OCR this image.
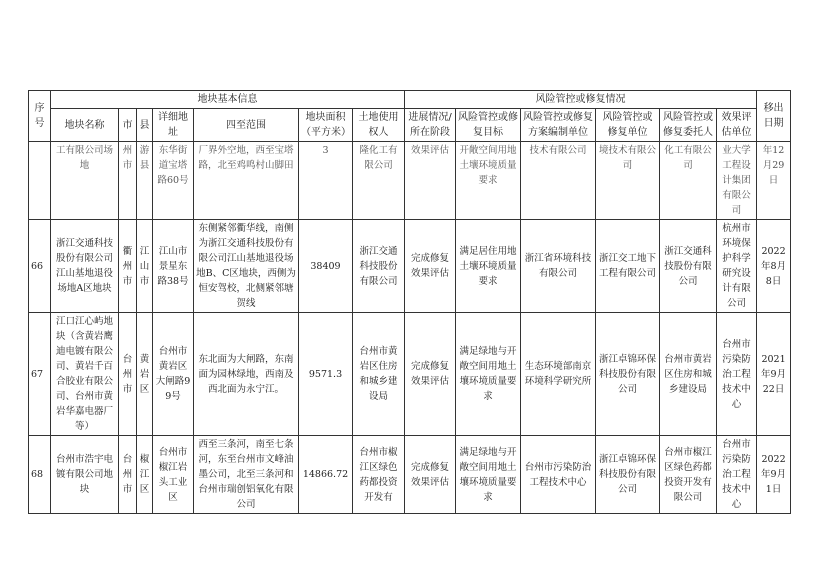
序号	地块基本信息							风险管控或修复情况						移出日期
	地块名称	市	县	详细地址	四至范围	地块面积（平方米）	土地使用权人	进展情况/所在阶段	风险管控或修复目标	风险管控或修复方案编制单位	风险管控或修复单位	风险管控或修复委托人	效果评估单位	
	工有限公司场地	州市	游县	东华街道宝塔路60号	厂界外空地，西至宝塔路，北至鸡鸣村山脚田	3	隆化工有限公司	效果评估	开敞空间用地土壤环境质量要求	技术有限公司	境技术有限公司	化工有限公司	业大学工程设计集团有限公司	年12月29日
66	浙江交通科技股份有限公司江山基地退役场地A区地块	衢州市	江山市	江山市景星东路38号	东侧紧邻衢华线，南侧为浙江交通科技股份有限公司江山基地退役场地B、C区地块，西侧为恒安驾校，北侧紧邻塘贺线	38409	浙江交通科技股份有限公司	完成修复效果评估	满足居住用地土壤环境质量要求	浙江省环境科技有限公司	浙江交工地下工程有限公司	浙江交通科技股份有限公司	杭州市环境保护科学研究设计有限公司	2022年8月8日
67	江口江心屿地块（含黄岩鹰迪电镀有限公司、黄岩千百合胶业有限公司、台州市黄岩华嘉电器厂等）	台州市	黄岩区	台州市黄岩区大闸路99号	东北面为大闸路，东南面为园林绿地，西南及西北面为永宁江。	9571.3	台州市黄岩区住房和城乡建设局	完成修复效果评估	满足绿地与开敞空间用地土壤环境质量要求	生态环境部南京环境科学研究所	浙江卓锦环保科技股份有限公司	台州市黄岩区住房和城乡建设局	台州市污染防治工程技术中心	2021年9月22日
68	台州市浩宇电镀有限公司地块	台州市	椒江区	台州市椒江岩头工业区	西至三条河，南至七条河，东至台州市文峰油墨公司，北至三条河和台州市瑞创铝氧化有限公司	14866.72	台州市椒江区绿色药都投资开发有	完成修复效果评估	满足绿地与开敞空间用地土壤环境质量要求	台州市污染防治工程技术中心	浙江卓锦环保科技股份有限公司	台州市椒江区绿色药都投资开发有限公司	台州市污染防治工程技术中心	2022年9月1日
